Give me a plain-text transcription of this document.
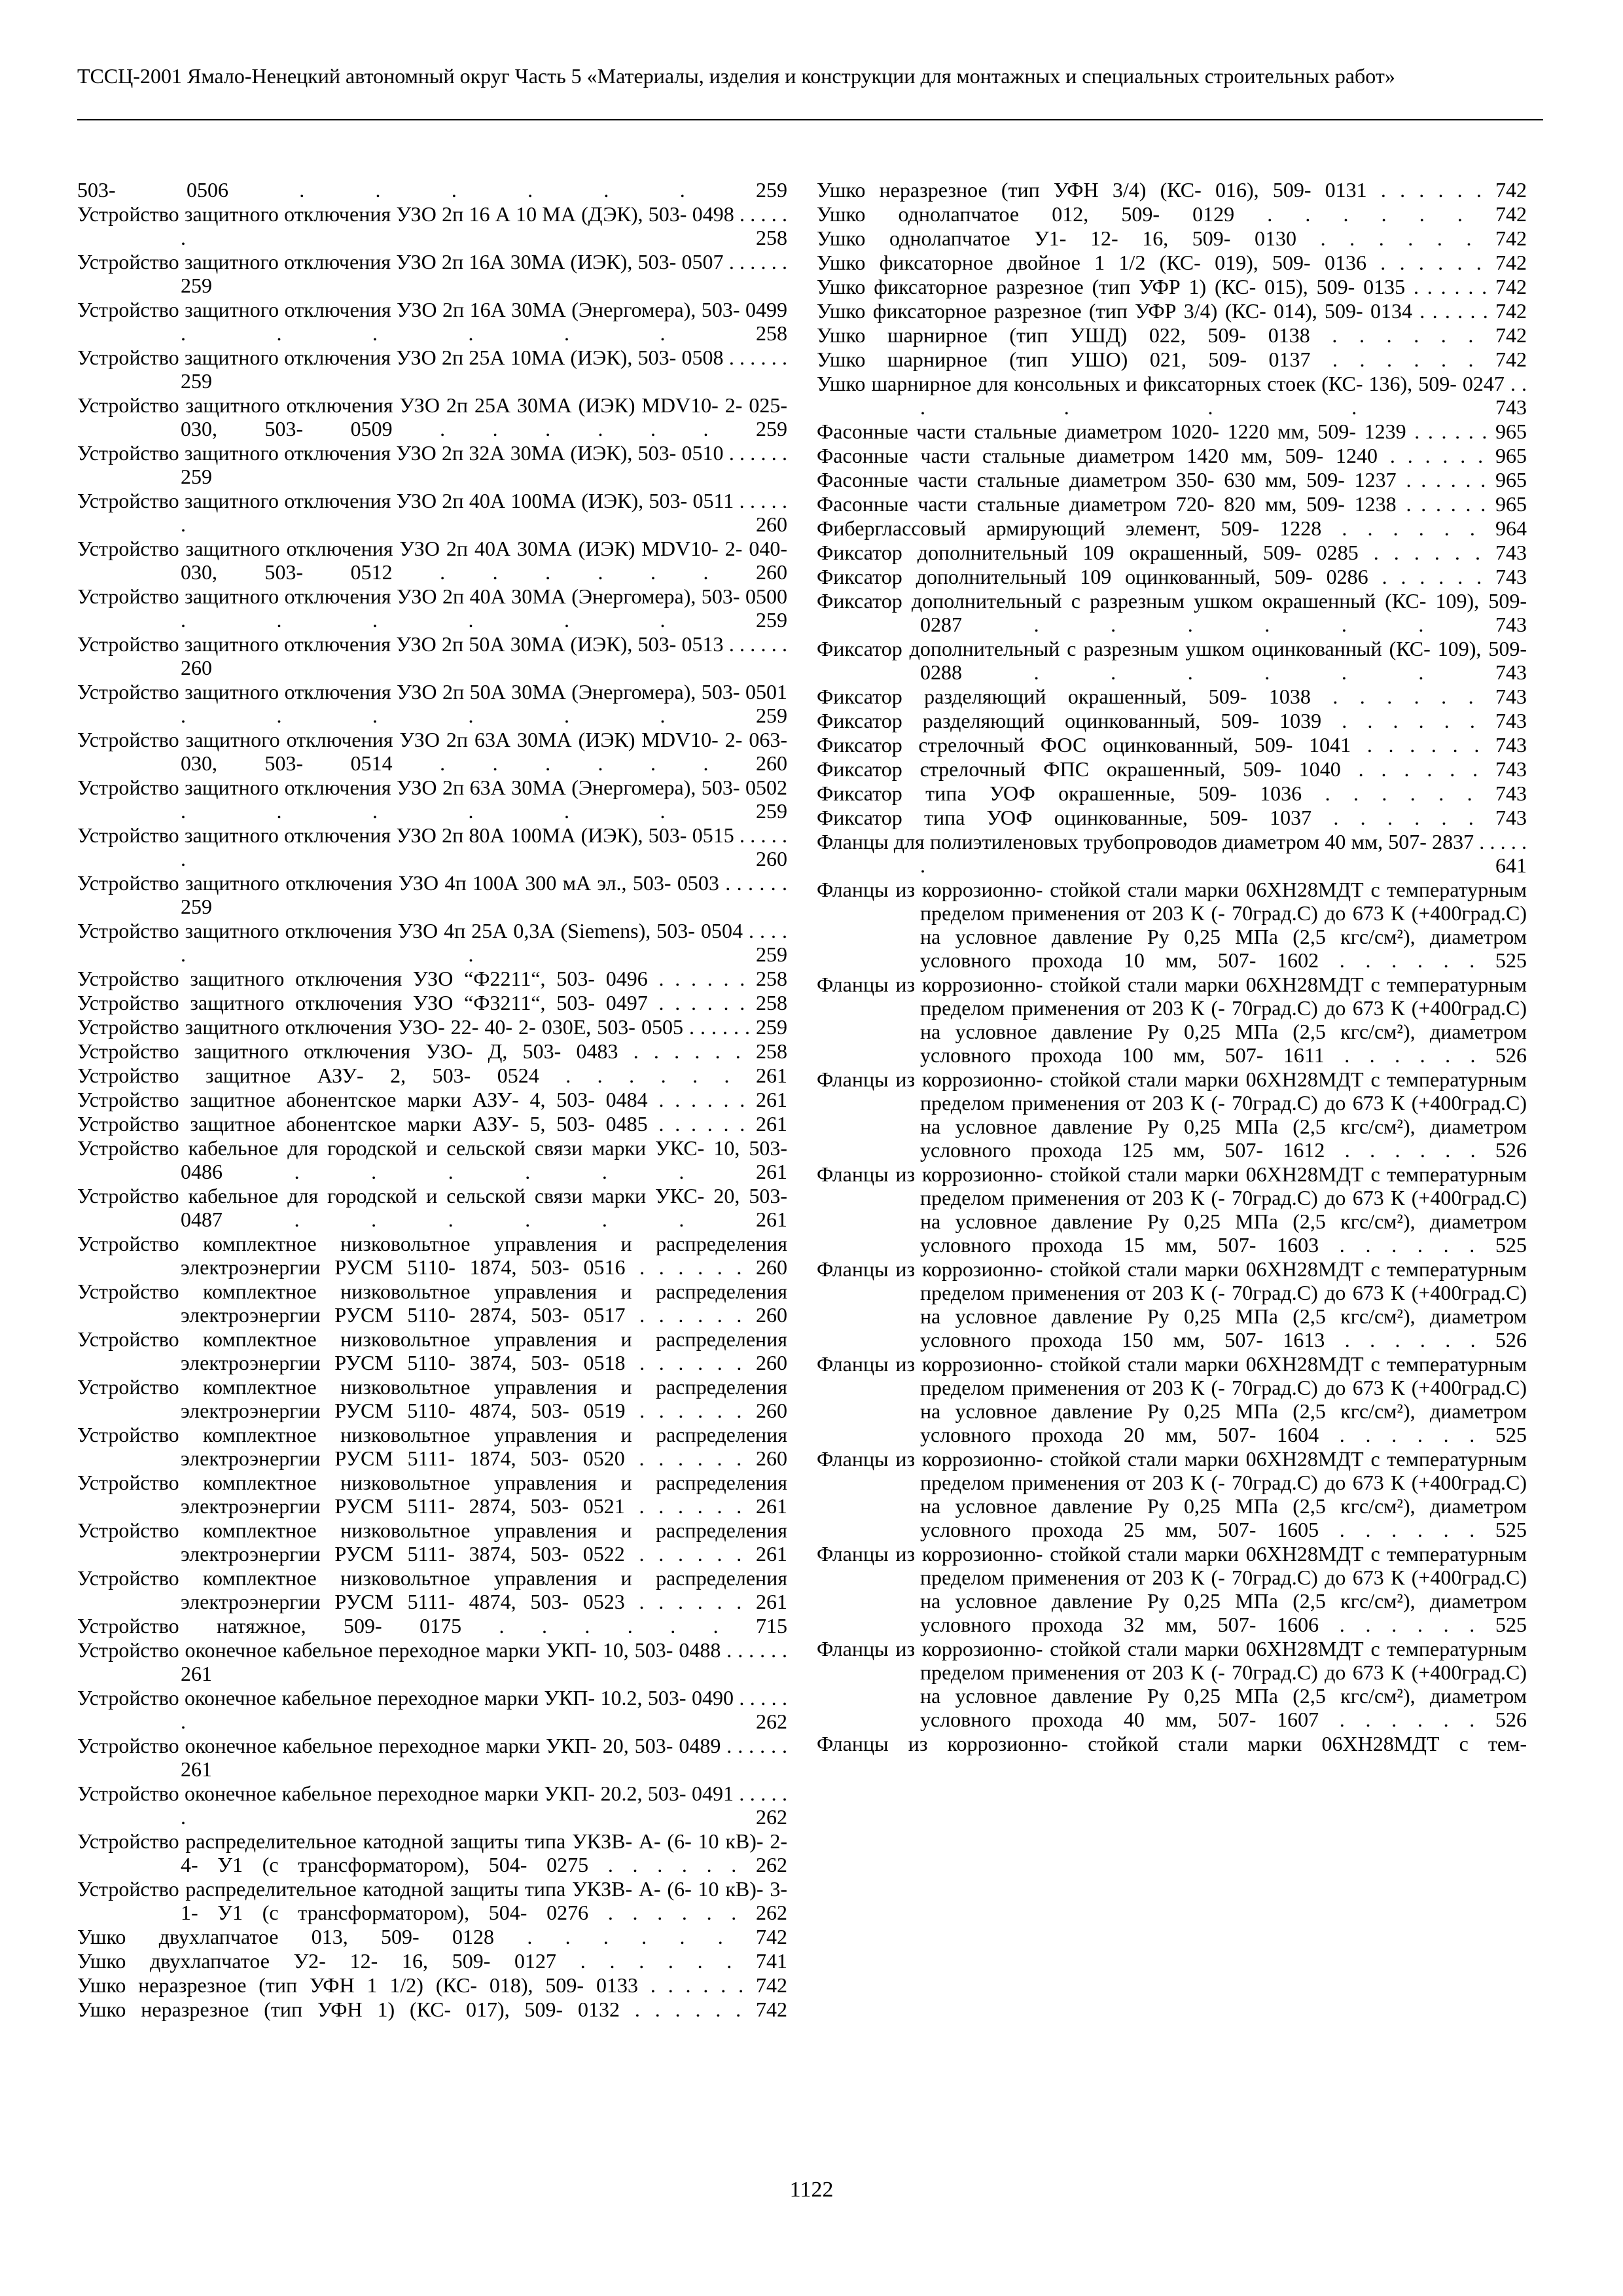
ТССЦ-2001 Ямало-Ненецкий автономный округ Часть 5 «Материалы, изделия и конструкции для монтажных и специальных строительных работ»
503- 0506 . . .	259
Устройство защитного отключения УЗО 2п 16 А 10 МА (ДЭК), 503- 0498 . . . 258
Устройство защитного отключения УЗО 2п 16А 30МА (ИЭК), 503- 0507 . . . 259
Устройство защитного отключения УЗО 2п 16А 30МА (Энергомера), 503- 0499 . . . 258
Устройство защитного отключения УЗО 2п 25А 10МА (ИЭК), 503- 0508 . . . 259
Устройство защитного отключения УЗО 2п 25А 30МА (ИЭК) MDV10- 2- 025- 030, 503- 0509 . . .	259
Устройство защитного отключения УЗО 2п 32А 30МА (ИЭК), 503- 0510 . . . 259
Устройство защитного отключения УЗО 2п 40А 100МА (ИЭК), 503- 0511 . . . 260
Устройство защитного отключения УЗО 2п 40А 30МА (ИЭК) MDV10- 2- 040- 030, 503- 0512 . . .	260
Устройство защитного отключения УЗО 2п 40А 30МА (Энергомера), 503- 0500 . . . 259
Устройство защитного отключения УЗО 2п 50А 30МА (ИЭК), 503- 0513 . . . 260
Устройство защитного отключения УЗО 2п 50А 30МА (Энергомера), 503- 0501 . . . 259
Устройство защитного отключения УЗО 2п 63А 30МА (ИЭК) MDV10- 2- 063- 030, 503- 0514 . . .	260
Устройство защитного отключения УЗО 2п 63А 30МА (Энергомера), 503- 0502 . . . 259
Устройство защитного отключения УЗО 2п 80А 100МА (ИЭК), 503- 0515 . . . 260
Устройство защитного отключения УЗО 4п 100А 300 мА эл., 503- 0503 . . . 259
Устройство защитного отключения УЗО 4п 25А 0,3А (Siemens), 503- 0504 . . . 259
Устройство защитного отключения УЗО “Ф2211“, 503- 0496 . . .	258
Устройство защитного отключения УЗО “Ф3211“, 503- 0497 . . .	258
Устройство защитного отключения УЗО- 22- 40- 2- 030Е, 503- 0505 . . .	259
Устройство защитного отключения УЗО- Д, 503- 0483 . . .	258
Устройство защитное АЗУ- 2, 503- 0524 . . .	261
Устройство защитное абонентское марки АЗУ- 4, 503- 0484 . . .	261
Устройство защитное абонентское марки АЗУ- 5, 503- 0485 . . .	261
Устройство кабельное для городской и сельской связи марки УКС- 10, 503- 0486 . . .	261
Устройство кабельное для городской и сельской связи марки УКС- 20, 503- 0487 . . .	261
Устройство комплектное низковольтное управления и распределения электроэнергии РУСМ 5110- 1874, 503- 0516 . . .	260
Устройство комплектное низковольтное управления и распределения электроэнергии РУСМ 5110- 2874, 503- 0517 . . .	260
Устройство комплектное низковольтное управления и распределения электроэнергии РУСМ 5110- 3874, 503- 0518 . . .	260
Устройство комплектное низковольтное управления и распределения электроэнергии РУСМ 5110- 4874, 503- 0519 . . .	260
Устройство комплектное низковольтное управления и распределения электроэнергии РУСМ 5111- 1874, 503- 0520 . . .	260
Устройство комплектное низковольтное управления и распределения электроэнергии РУСМ 5111- 2874, 503- 0521 . . .	261
Устройство комплектное низковольтное управления и распределения электроэнергии РУСМ 5111- 3874, 503- 0522 . . .	261
Устройство комплектное низковольтное управления и распределения электроэнергии РУСМ 5111- 4874, 503- 0523 . . .	261
Устройство натяжное, 509- 0175 . . .	715
Устройство оконечное кабельное переходное марки УКП- 10, 503- 0488 . . . 261
Устройство оконечное кабельное переходное марки УКП- 10.2, 503- 0490 . . . 262
Устройство оконечное кабельное переходное марки УКП- 20, 503- 0489 . . . 261
Устройство оконечное кабельное переходное марки УКП- 20.2, 503- 0491 . . . 262
Устройство распределительное катодной защиты типа УКЗВ- А- (6- 10 кВ)- 2- 4- У1 (с трансформатором), 504- 0275 . . .	262
Устройство распределительное катодной защиты типа УКЗВ- А- (6- 10 кВ)- 3- 1- У1 (с трансформатором), 504- 0276 . . .	262
Ушко двухлапчатое 013, 509- 0128 . . .	742
Ушко двухлапчатое У2- 12- 16, 509- 0127 . . .	741
Ушко неразрезное (тип УФН 1 1/2) (КС- 018), 509- 0133 . . .	742
Ушко неразрезное (тип УФН 1) (КС- 017), 509- 0132 . . .	742
Ушко неразрезное (тип УФН 3/4) (КС- 016), 509- 0131 . . .	742
Ушко однолапчатое 012, 509- 0129 . . .	742
Ушко однолапчатое У1- 12- 16, 509- 0130 . . .	742
Ушко фиксаторное двойное 1 1/2 (КС- 019), 509- 0136 . . .	742
Ушко фиксаторное разрезное (тип УФР 1) (КС- 015), 509- 0135 . . .	742
Ушко фиксаторное разрезное (тип УФР 3/4) (КС- 014), 509- 0134 . . .	742
Ушко шарнирное (тип УШД) 022, 509- 0138 . . .	742
Ушко шарнирное (тип УШО) 021, 509- 0137 . . .	742
Ушко шарнирное для консольных и фиксаторных стоек (КС- 136), 509- 0247 . . . 743
Фасонные части стальные диаметром 1020- 1220 мм, 509- 1239 . . .	965
Фасонные части стальные диаметром 1420 мм, 509- 1240 . . .	965
Фасонные части стальные диаметром 350- 630 мм, 509- 1237 . . .	965
Фасонные части стальные диаметром 720- 820 мм, 509- 1238 . . .	965
Фиберглассовый армирующий элемент, 509- 1228 . . .	964
Фиксатор дополнительный 109 окрашенный, 509- 0285 . . .	743
Фиксатор дополнительный 109 оцинкованный, 509- 0286 . . .	743
Фиксатор дополнительный с разрезным ушком окрашенный (КС- 109), 509- 0287 . . .	743
Фиксатор дополнительный с разрезным ушком оцинкованный (КС- 109), 509- 0288 . . .	743
Фиксатор разделяющий окрашенный, 509- 1038 . . .	743
Фиксатор разделяющий оцинкованный, 509- 1039 . . .	743
Фиксатор стрелочный ФОС оцинкованный, 509- 1041 . . .	743
Фиксатор стрелочный ФПС окрашенный, 509- 1040 . . .	743
Фиксатор типа УОФ окрашенные, 509- 1036 . . .	743
Фиксатор типа УОФ оцинкованные, 509- 1037 . . .	743
Фланцы для полиэтиленовых трубопроводов диаметром 40 мм, 507- 2837 . . . 641
Фланцы из коррозионно- стойкой стали марки 06ХН28МДТ с температурным пределом применения от 203 К (- 70град.С) до 673 К (+400град.С) на условное давление Ру 0,25 МПа (2,5 кгс/см²), диаметром условного прохода 10 мм, 507- 1602 . . .	525
Фланцы из коррозионно- стойкой стали марки 06ХН28МДТ с температурным пределом применения от 203 К (- 70град.С) до 673 К (+400град.С) на условное давление Ру 0,25 МПа (2,5 кгс/см²), диаметром условного прохода 100 мм, 507- 1611 . . .	526
Фланцы из коррозионно- стойкой стали марки 06ХН28МДТ с температурным пределом применения от 203 К (- 70град.С) до 673 К (+400град.С) на условное давление Ру 0,25 МПа (2,5 кгс/см²), диаметром условного прохода 125 мм, 507- 1612 . . .	526
Фланцы из коррозионно- стойкой стали марки 06ХН28МДТ с температурным пределом применения от 203 К (- 70град.С) до 673 К (+400град.С) на условное давление Ру 0,25 МПа (2,5 кгс/см²), диаметром условного прохода 15 мм, 507- 1603 . . .	525
Фланцы из коррозионно- стойкой стали марки 06ХН28МДТ с температурным пределом применения от 203 К (- 70град.С) до 673 К (+400град.С) на условное давление Ру 0,25 МПа (2,5 кгс/см²), диаметром условного прохода 150 мм, 507- 1613 . . .	526
Фланцы из коррозионно- стойкой стали марки 06ХН28МДТ с температурным пределом применения от 203 К (- 70град.С) до 673 К (+400град.С) на условное давление Ру 0,25 МПа (2,5 кгс/см²), диаметром условного прохода 20 мм, 507- 1604 . . .	525
Фланцы из коррозионно- стойкой стали марки 06ХН28МДТ с температурным пределом применения от 203 К (- 70град.С) до 673 К (+400град.С) на условное давление Ру 0,25 МПа (2,5 кгс/см²), диаметром условного прохода 25 мм, 507- 1605 . . .	525
Фланцы из коррозионно- стойкой стали марки 06ХН28МДТ с температурным пределом применения от 203 К (- 70град.С) до 673 К (+400град.С) на условное давление Ру 0,25 МПа (2,5 кгс/см²), диаметром условного прохода 32 мм, 507- 1606 . . .	525
Фланцы из коррозионно- стойкой стали марки 06ХН28МДТ с температурным пределом применения от 203 К (- 70град.С) до 673 К (+400град.С) на условное давление Ру 0,25 МПа (2,5 кгс/см²), диаметром условного прохода 40 мм, 507- 1607 . . .	526
Фланцы из коррозионно- стойкой стали марки 06ХН28МДТ с тем-
1122
